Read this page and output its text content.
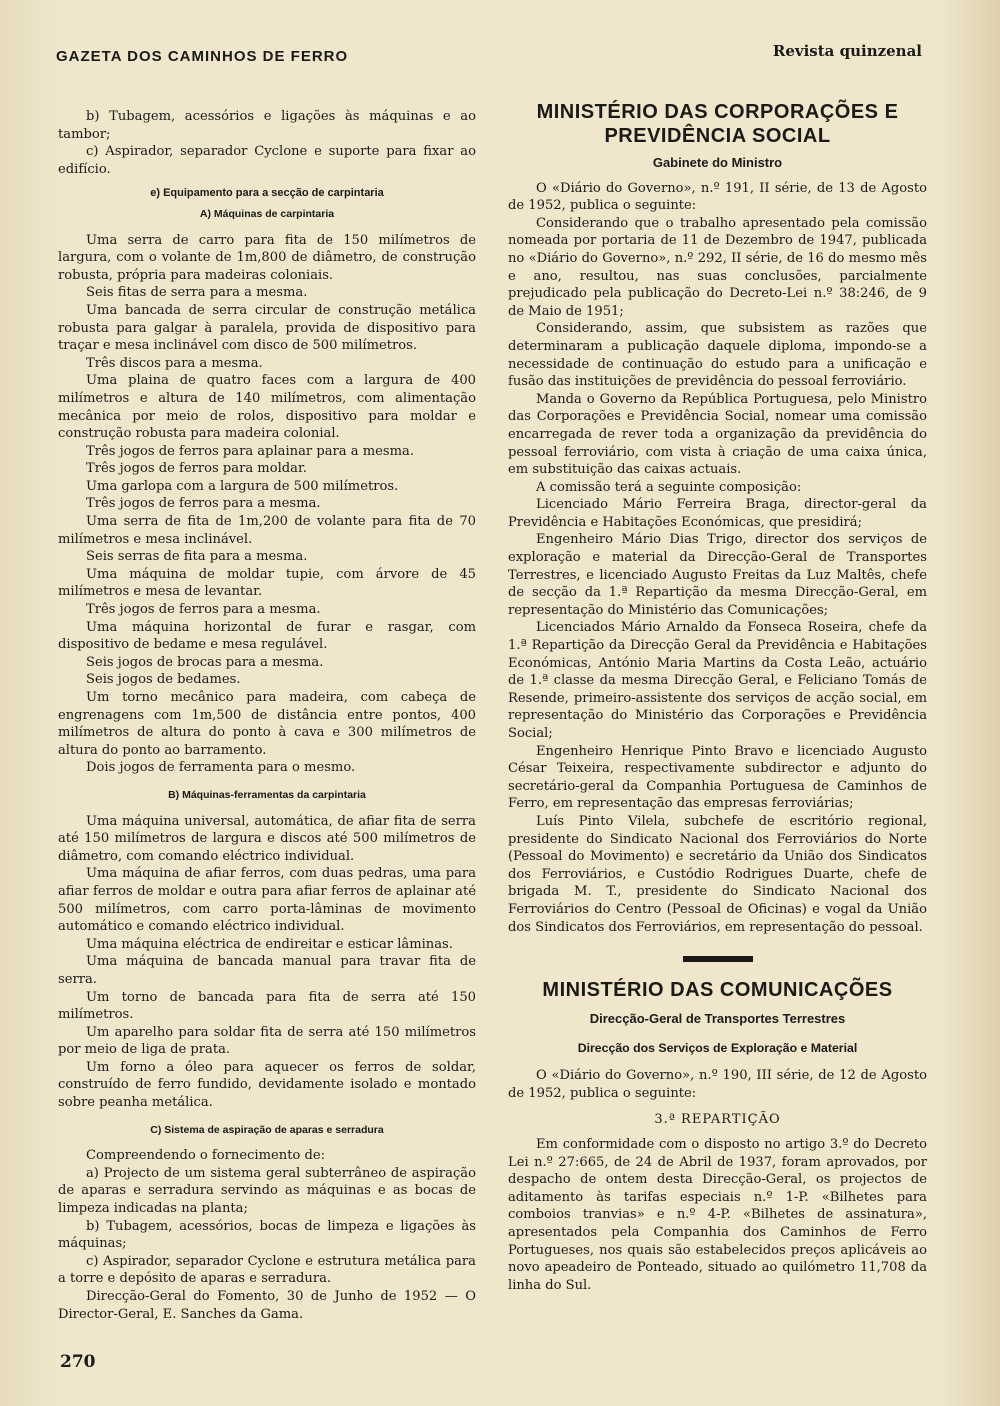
GAZETA DOS CAMINHOS DE FERRO	Revista quinzenal

b) Tubagem, acessórios e ligações às máquinas e ao tambor;

c) Aspirador, separador Cyclone e suporte para fixar ao edifício.

e) Equipamento para a secção de carpintaria
A) Máquinas de carpintaria

Uma serra de carro para fita de 150 milímetros de largura, com o volante de 1m,800 de diâmetro, de construção robusta, própria para madeiras coloniais.

Seis fitas de serra para a mesma.

Uma bancada de serra circular de construção metálica robusta para galgar à paralela, provida de dispositivo para traçar e mesa inclinável com disco de 500 milímetros.

Três discos para a mesma.

Uma plaina de quatro faces com a largura de 400 milímetros e altura de 140 milímetros, com alimentação mecânica por meio de rolos, dispositivo para moldar e construção robusta para madeira colonial.

Três jogos de ferros para aplainar para a mesma.

Três jogos de ferros para moldar.

Uma garlopa com a largura de 500 milímetros.

Três jogos de ferros para a mesma.

Uma serra de fita de 1m,200 de volante para fita de 70 milímetros e mesa inclinável.

Seis serras de fita para a mesma.

Uma máquina de moldar tupie, com árvore de 45 milímetros e mesa de levantar.

Três jogos de ferros para a mesma.

Uma máquina horizontal de furar e rasgar, com dispositivo de bedame e mesa regulável.

Seis jogos de brocas para a mesma.

Seis jogos de bedames.

Um torno mecânico para madeira, com cabeça de engrenagens com 1m,500 de distância entre pontos, 400 milímetros de altura do ponto à cava e 300 milímetros de altura do ponto ao barramento.

Dois jogos de ferramenta para o mesmo.

B) Máquinas-ferramentas da carpintaria

Uma máquina universal, automática, de afiar fita de serra até 150 milímetros de largura e discos até 500 milímetros de diâmetro, com comando eléctrico individual.

Uma máquina de afiar ferros, com duas pedras, uma para afiar ferros de moldar e outra para afiar ferros de aplainar até 500 milímetros, com carro porta-lâminas de movimento automático e comando eléctrico individual.

Uma máquina eléctrica de endireitar e esticar lâminas.

Uma máquina de bancada manual para travar fita de serra.

Um torno de bancada para fita de serra até 150 milímetros.

Um aparelho para soldar fita de serra até 150 milímetros por meio de liga de prata.

Um forno a óleo para aquecer os ferros de soldar, construído de ferro fundido, devidamente isolado e montado sobre peanha metálica.

C) Sistema de aspiração de aparas e serradura

Compreendendo o fornecimento de:

a) Projecto de um sistema geral subterrâneo de aspiração de aparas e serradura servindo as máquinas e as bocas de limpeza indicadas na planta;

b) Tubagem, acessórios, bocas de limpeza e ligações às máquinas;

c) Aspirador, separador Cyclone e estrutura metálica para a torre e depósito de aparas e serradura.

Direcção-Geral do Fomento, 30 de Junho de 1952 — O Director-Geral, E. Sanches da Gama.

MINISTÉRIO DAS CORPORAÇÕES E PREVIDÊNCIA SOCIAL
Gabinete do Ministro

O «Diário do Governo», n.º 191, II série, de 13 de Agosto de 1952, publica o seguinte:

Considerando que o trabalho apresentado pela comissão nomeada por portaria de 11 de Dezembro de 1947, publicada no «Diário do Governo», n.º 292, II série, de 16 do mesmo mês e ano, resultou, nas suas conclusões, parcialmente prejudicado pela publicação do Decreto-Lei n.º 38:246, de 9 de Maio de 1951;

Considerando, assim, que subsistem as razões que determinaram a publicação daquele diploma, impondo-se a necessidade de continuação do estudo para a unificação e fusão das instituições de previdência do pessoal ferroviário.

Manda o Governo da República Portuguesa, pelo Ministro das Corporações e Previdência Social, nomear uma comissão encarregada de rever toda a organização da previdência do pessoal ferroviário, com vista à criação de uma caixa única, em substituição das caixas actuais.

A comissão terá a seguinte composição:

Licenciado Mário Ferreira Braga, director-geral da Previdência e Habitações Económicas, que presidirá;

Engenheiro Mário Dias Trigo, director dos serviços de exploração e material da Direcção-Geral de Transportes Terrestres, e licenciado Augusto Freitas da Luz Maltês, chefe de secção da 1.ª Repartição da mesma Direcção-Geral, em representação do Ministério das Comunicações;

Licenciados Mário Arnaldo da Fonseca Roseira, chefe da 1.ª Repartição da Direcção Geral da Previdência e Habitações Económicas, António Maria Martins da Costa Leão, actuário de 1.ª classe da mesma Direcção Geral, e Feliciano Tomás de Resende, primeiro-assistente dos serviços de acção social, em representação do Ministério das Corporações e Previdência Social;

Engenheiro Henrique Pinto Bravo e licenciado Augusto César Teixeira, respectivamente subdirector e adjunto do secretário-geral da Companhia Portuguesa de Caminhos de Ferro, em representação das empresas ferroviárias;

Luís Pinto Vilela, subchefe de escritório regional, presidente do Sindicato Nacional dos Ferroviários do Norte (Pessoal do Movimento) e secretário da União dos Sindicatos dos Ferroviários, e Custódio Rodrigues Duarte, chefe de brigada M. T., presidente do Sindicato Nacional dos Ferroviários do Centro (Pessoal de Oficinas) e vogal da União dos Sindicatos dos Ferroviários, em representação do pessoal.

MINISTÉRIO DAS COMUNICAÇÕES
Direcção-Geral de Transportes Terrestres
Direcção dos Serviços de Exploração e Material

O «Diário do Governo», n.º 190, III série, de 12 de Agosto de 1952, publica o seguinte:

3.ª REPARTIÇÃO

Em conformidade com o disposto no artigo 3.º do Decreto Lei n.º 27:665, de 24 de Abril de 1937, foram aprovados, por despacho de ontem desta Direcção-Geral, os projectos de aditamento às tarifas especiais n.º 1-P. «Bilhetes para comboios tranvias» e n.º 4-P. «Bilhetes de assinatura», apresentados pela Companhia dos Caminhos de Ferro Portugueses, nos quais são estabelecidos preços aplicáveis ao novo apeadeiro de Ponteado, situado ao quilómetro 11,708 da linha do Sul.

270
